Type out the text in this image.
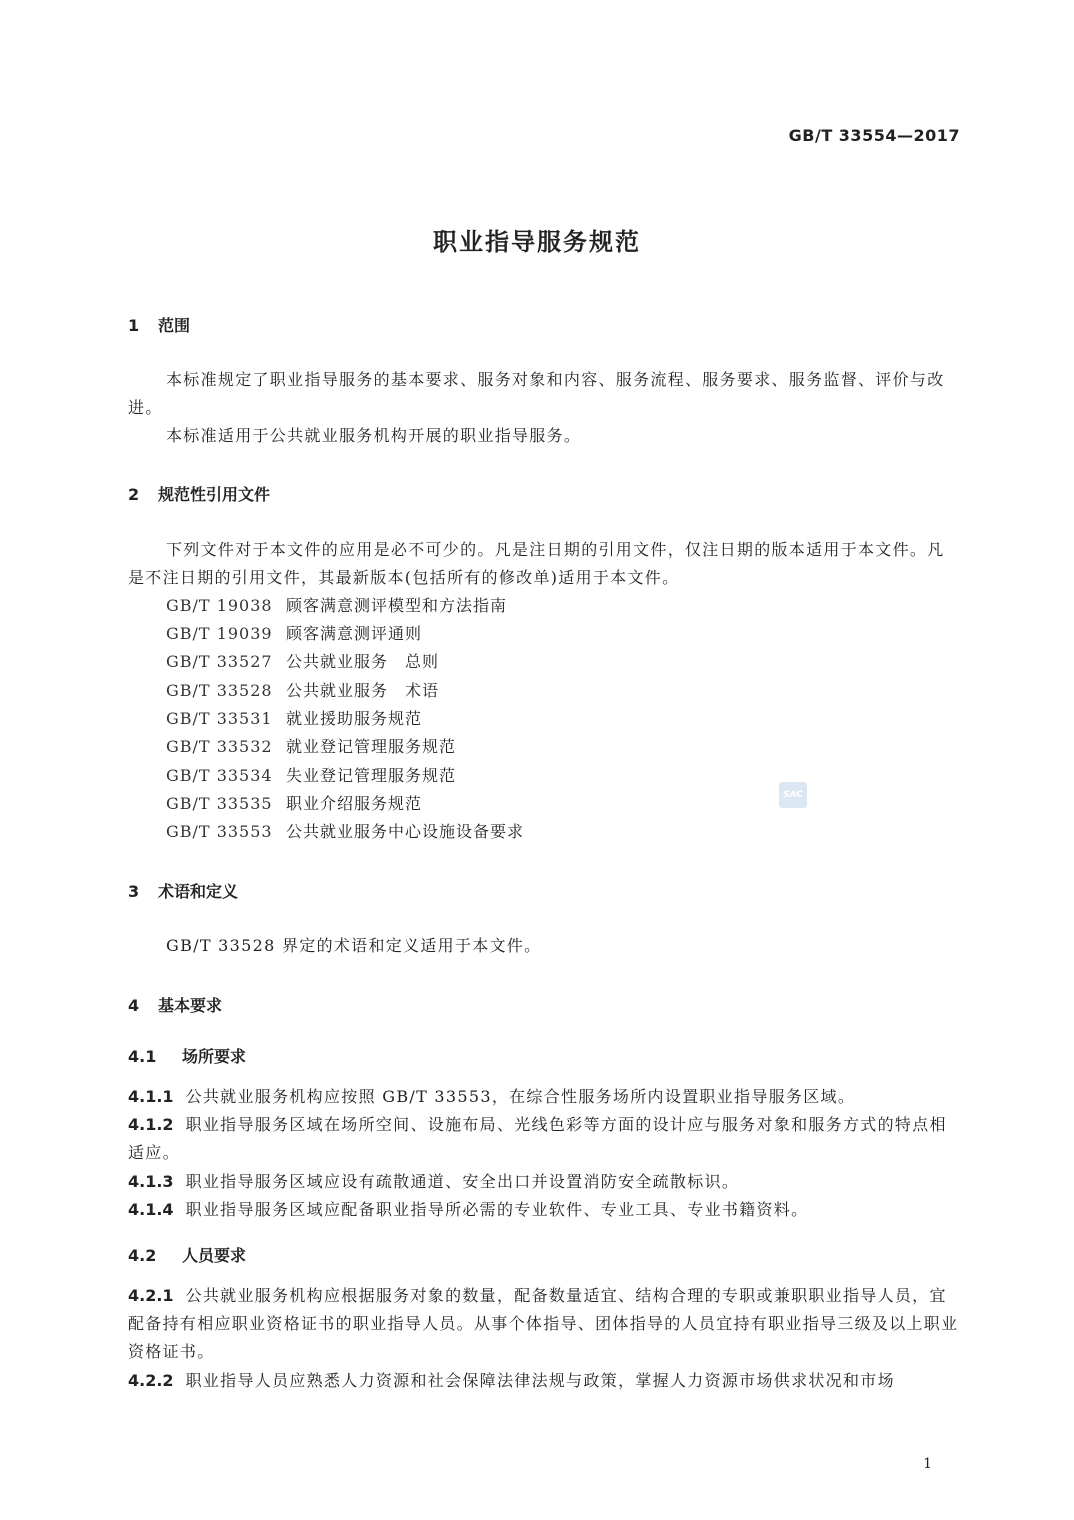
GB/T 33554—2017
职业指导服务规范
1 范围
本标准规定了职业指导服务的基本要求、服务对象和内容、服务流程、服务要求、服务监督、评价与改进。
本标准适用于公共就业服务机构开展的职业指导服务。
2 规范性引用文件
下列文件对于本文件的应用是必不可少的。凡是注日期的引用文件，仅注日期的版本适用于本文件。凡是不注日期的引用文件，其最新版本(包括所有的修改单)适用于本文件。
GB/T 19038 顾客满意测评模型和方法指南
GB/T 19039 顾客满意测评通则
GB/T 33527 公共就业服务　总则
GB/T 33528 公共就业服务　术语
GB/T 33531 就业援助服务规范
GB/T 33532 就业登记管理服务规范
GB/T 33534 失业登记管理服务规范
GB/T 33535 职业介绍服务规范
GB/T 33553 公共就业服务中心设施设备要求
SAC
3 术语和定义
GB/T 33528 界定的术语和定义适用于本文件。
4 基本要求
4.1 场所要求
4.1.1 公共就业服务机构应按照 GB/T 33553，在综合性服务场所内设置职业指导服务区域。
4.1.2 职业指导服务区域在场所空间、设施布局、光线色彩等方面的设计应与服务对象和服务方式的特点相适应。
4.1.3 职业指导服务区域应设有疏散通道、安全出口并设置消防安全疏散标识。
4.1.4 职业指导服务区域应配备职业指导所必需的专业软件、专业工具、专业书籍资料。
4.2 人员要求
4.2.1 公共就业服务机构应根据服务对象的数量，配备数量适宜、结构合理的专职或兼职职业指导人员，宜配备持有相应职业资格证书的职业指导人员。从事个体指导、团体指导的人员宜持有职业指导三级及以上职业资格证书。
4.2.2 职业指导人员应熟悉人力资源和社会保障法律法规与政策，掌握人力资源市场供求状况和市场
1
